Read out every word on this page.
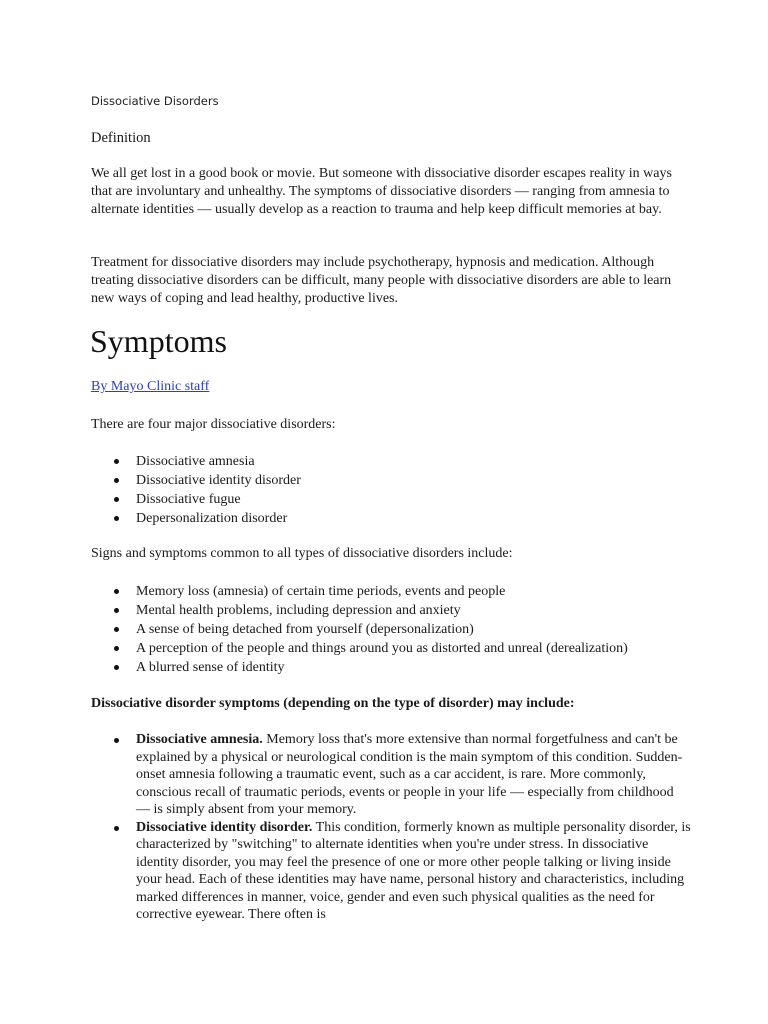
Dissociative Disorders
Definition
We all get lost in a good book or movie. But someone with dissociative disorder escapes reality in ways that are involuntary and unhealthy. The symptoms of dissociative disorders — ranging from amnesia to alternate identities — usually develop as a reaction to trauma and help keep difficult memories at bay.
Treatment for dissociative disorders may include psychotherapy, hypnosis and medication. Although treating dissociative disorders can be difficult, many people with dissociative disorders are able to learn new ways of coping and lead healthy, productive lives.
Symptoms
By Mayo Clinic staff
There are four major dissociative disorders:
Dissociative amnesia
Dissociative identity disorder
Dissociative fugue
Depersonalization disorder
Signs and symptoms common to all types of dissociative disorders include:
Memory loss (amnesia) of certain time periods, events and people
Mental health problems, including depression and anxiety
A sense of being detached from yourself (depersonalization)
A perception of the people and things around you as distorted and unreal (derealization)
A blurred sense of identity
Dissociative disorder symptoms (depending on the type of disorder) may include:
Dissociative amnesia. Memory loss that's more extensive than normal forgetfulness and can't be explained by a physical or neurological condition is the main symptom of this condition. Sudden-onset amnesia following a traumatic event, such as a car accident, is rare. More commonly, conscious recall of traumatic periods, events or people in your life — especially from childhood — is simply absent from your memory.
Dissociative identity disorder. This condition, formerly known as multiple personality disorder, is characterized by "switching" to alternate identities when you're under stress. In dissociative identity disorder, you may feel the presence of one or more other people talking or living inside your head. Each of these identities may have name, personal history and characteristics, including marked differences in manner, voice, gender and even such physical qualities as the need for corrective eyewear. There often is
